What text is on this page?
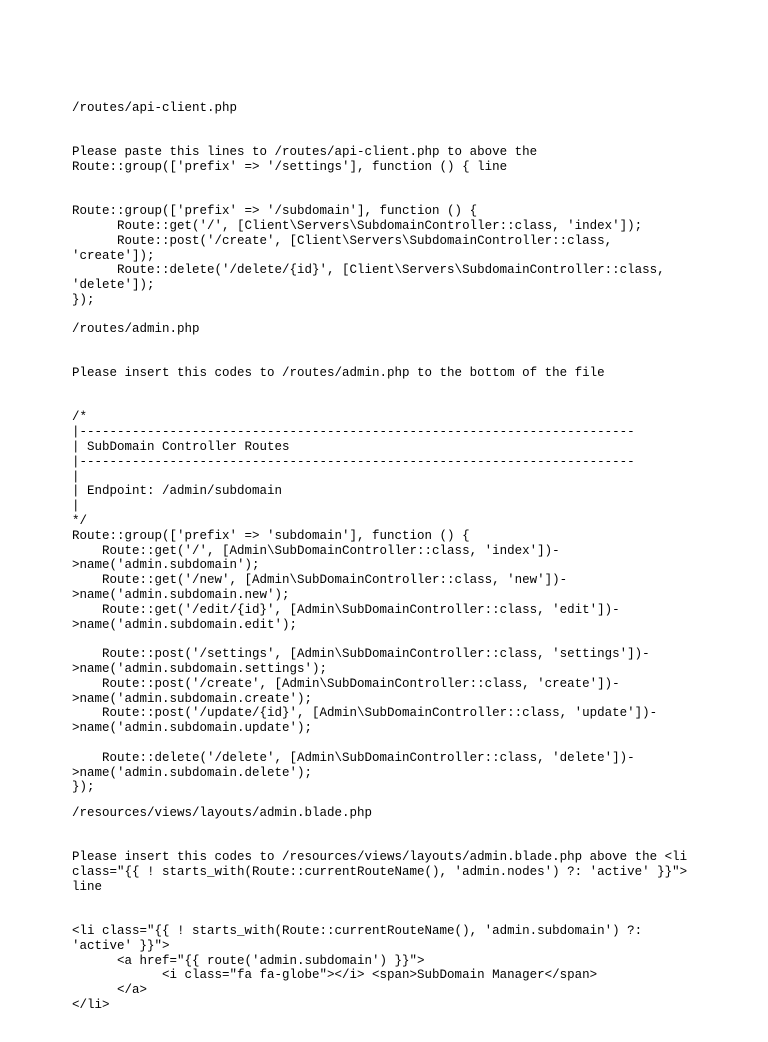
/routes/api-client.php

Please paste this lines to /routes/api-client.php to above the
Route::group(['prefix' => '/settings'], function () { line

Route::group(['prefix' => '/subdomain'], function () {
Route::get('/', [Client\Servers\SubdomainController::class, 'index']);
Route::post('/create', [Client\Servers\SubdomainController::class,
'create']);
Route::delete('/delete/{id}', [Client\Servers\SubdomainController::class,
'delete']);
});

/routes/admin.php

Please insert this codes to /routes/admin.php to the bottom of the file

/*
|--------------------------------------------------------------------------
| SubDomain Controller Routes
|--------------------------------------------------------------------------
|
| Endpoint: /admin/subdomain
|
*/
Route::group(['prefix' => 'subdomain'], function () {
Route::get('/', [Admin\SubDomainController::class, 'index'])-
>name('admin.subdomain');
Route::get('/new', [Admin\SubDomainController::class, 'new'])-
>name('admin.subdomain.new');
Route::get('/edit/{id}', [Admin\SubDomainController::class, 'edit'])-
>name('admin.subdomain.edit');

Route::post('/settings', [Admin\SubDomainController::class, 'settings'])-
>name('admin.subdomain.settings');
Route::post('/create', [Admin\SubDomainController::class, 'create'])-
>name('admin.subdomain.create');
Route::post('/update/{id}', [Admin\SubDomainController::class, 'update'])-
>name('admin.subdomain.update');

Route::delete('/delete', [Admin\SubDomainController::class, 'delete'])-
>name('admin.subdomain.delete');
});

/resources/views/layouts/admin.blade.php

Please insert this codes to /resources/views/layouts/admin.blade.php above the <li
class="{{ ! starts_with(Route::currentRouteName(), 'admin.nodes') ?: 'active' }}">
line

<li class="{{ ! starts_with(Route::currentRouteName(), 'admin.subdomain') ?:
'active' }}">
<a href="{{ route('admin.subdomain') }}">
<i class="fa fa-globe"></i> <span>SubDomain Manager</span>
</a>
</li>
